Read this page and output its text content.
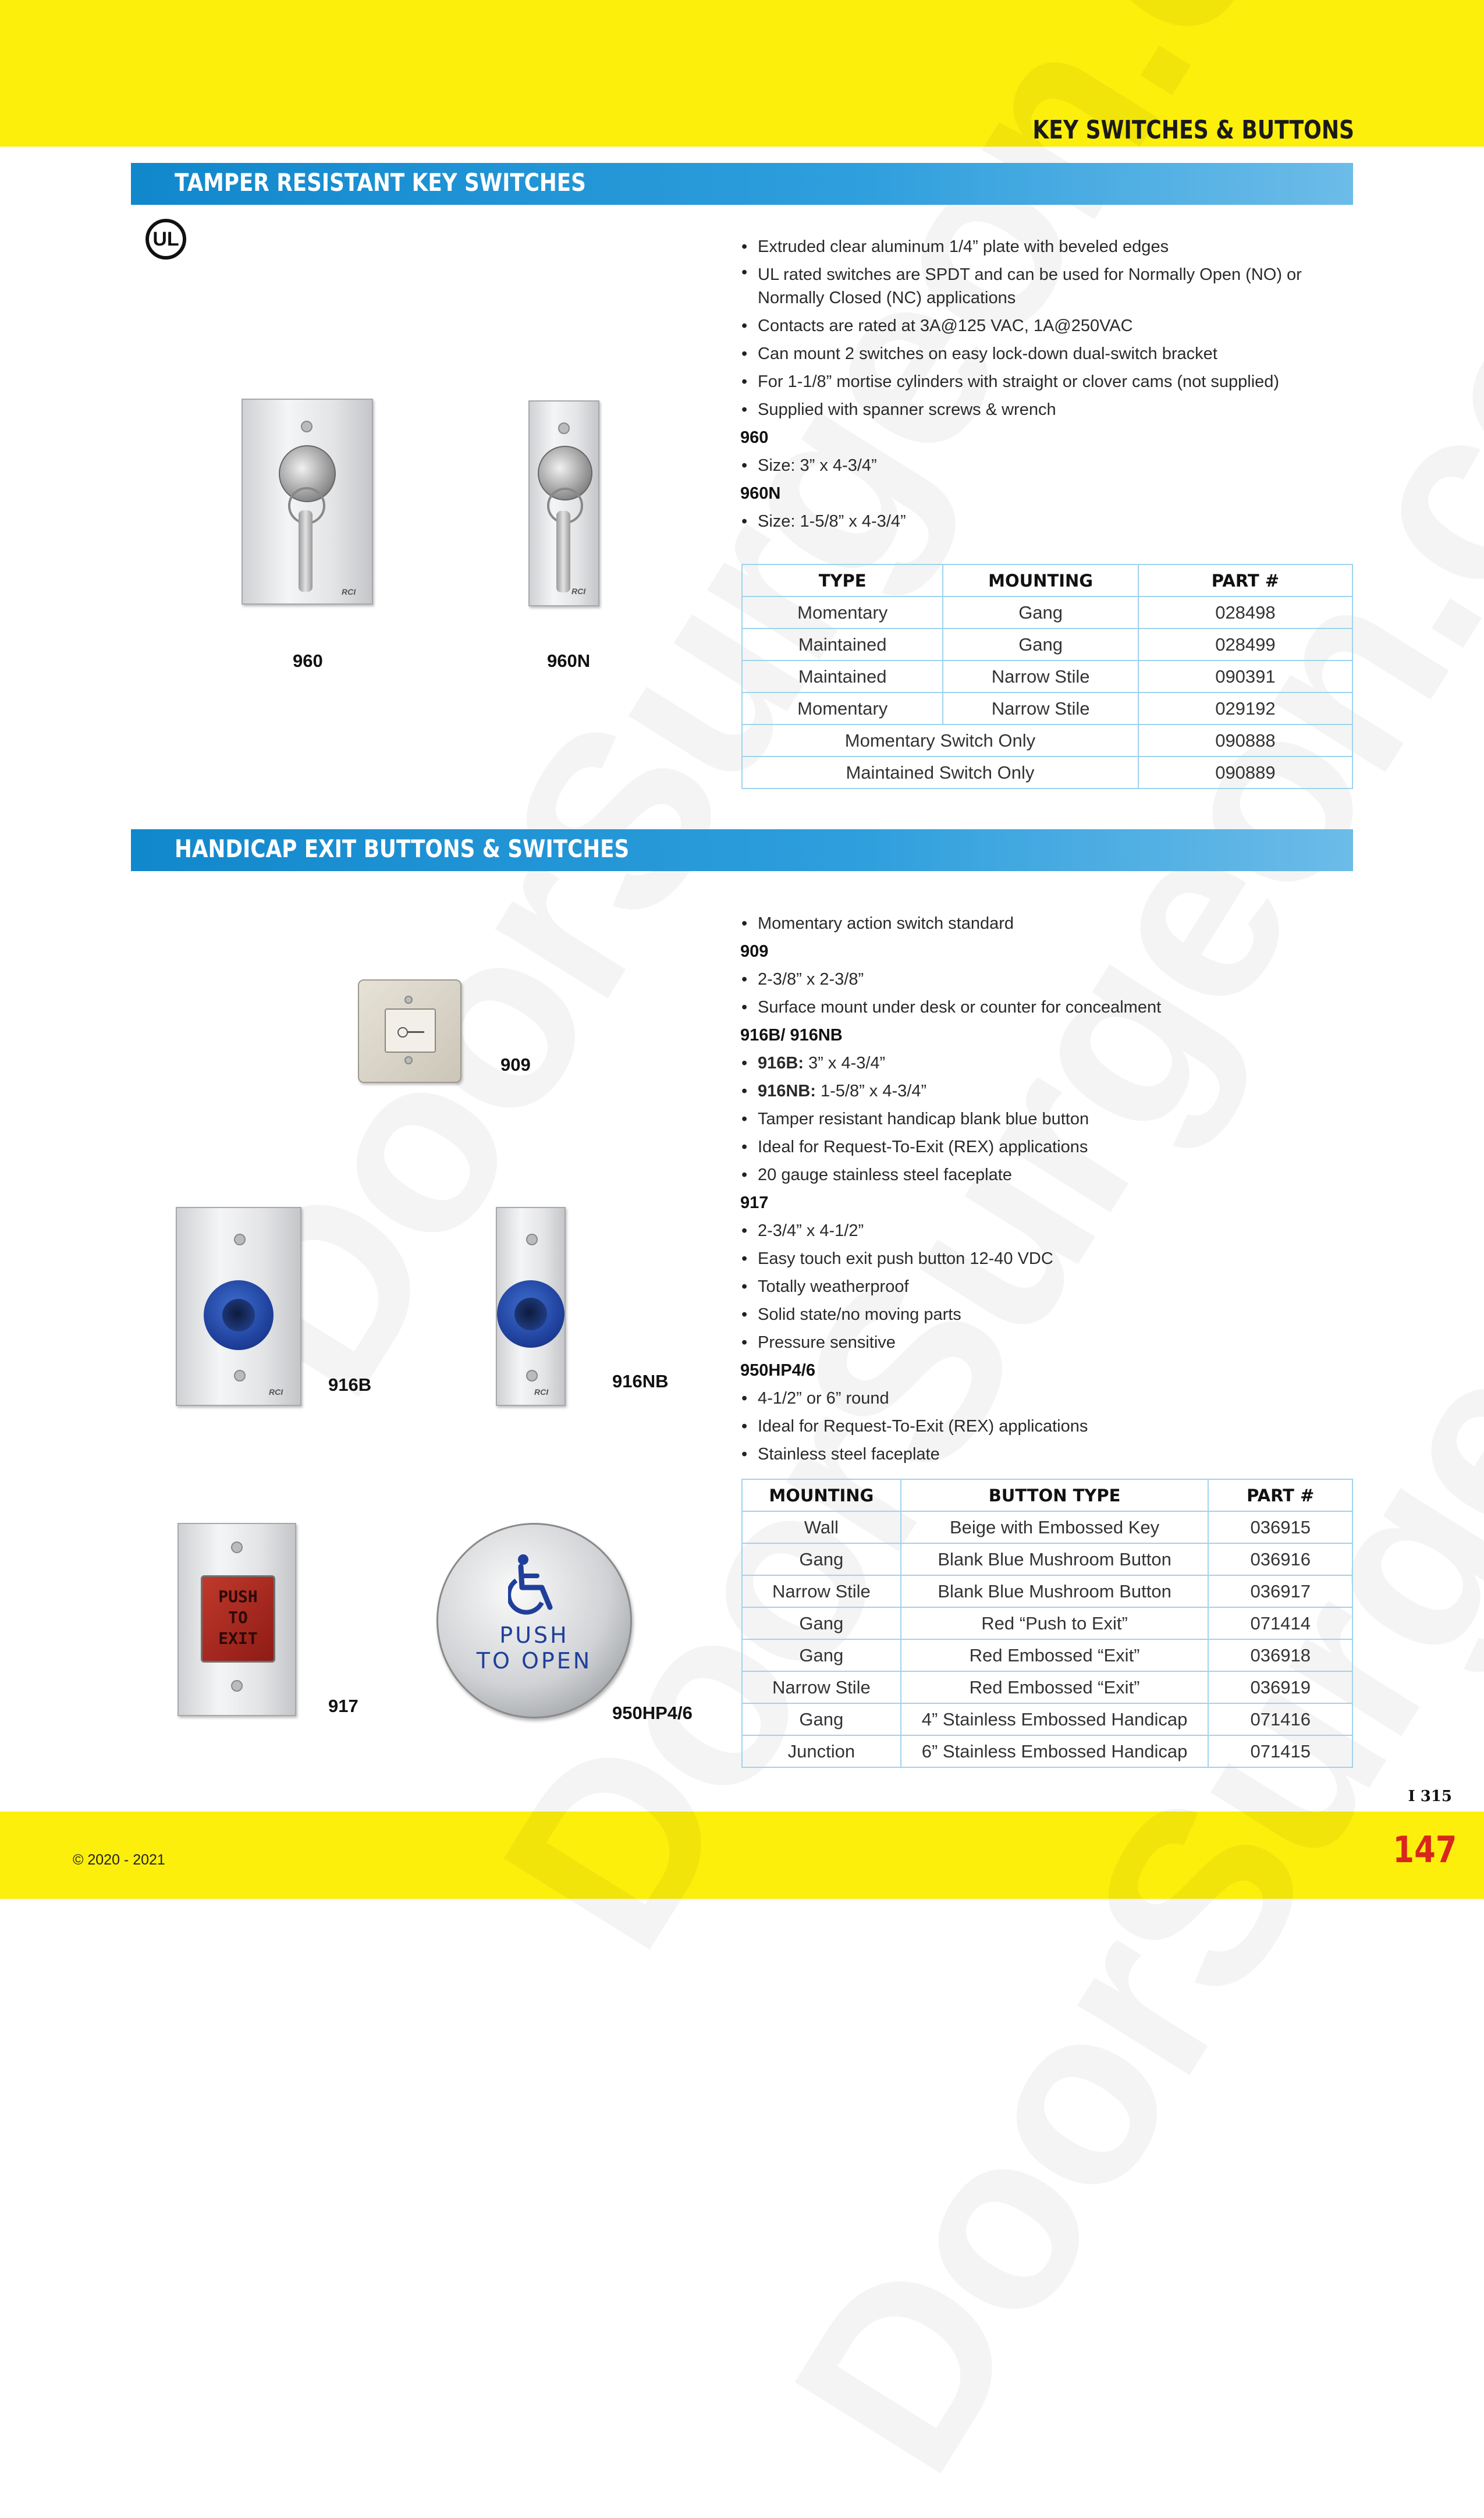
KEY SWITCHES & BUTTONS
TAMPER RESISTANT KEY SWITCHES
UL	• Extruded clear aluminum 1/4” plate with beveled edges
• UL rated switches are SPDT and can be used for Normally Open (NO) or Normally Closed (NC) applications
• Contacts are rated at 3A@125 VAC, 1A@250VAC
• Can mount 2 switches on easy lock-down dual-switch bracket
• For 1-1/8” mortise cylinders with straight or clover cams (not supplied)
• Supplied with spanner screws & wrench
960
• Size: 3” x 4-3/4”
960N
• Size: 1-5/8” x 4-3/4”
RCI
960
RCI
960N
TYPE	MOUNTING	PART #
Momentary	Gang	028498
Maintained	Gang	028499
Maintained	Narrow Stile	090391
Momentary	Narrow Stile	029192
Momentary Switch Only		090888
Maintained Switch Only		090889
HANDICAP EXIT BUTTONS & SWITCHES
• Momentary action switch standard
909
• 2-3/8” x 2-3/8”
• Surface mount under desk or counter for concealment
916B/ 916NB
• 916B: 3” x 4-3/4”
• 916NB: 1-5/8” x 4-3/4”
• Tamper resistant handicap blank blue button
• Ideal for Request-To-Exit (REX) applications
• 20 gauge stainless steel faceplate
917
• 2-3/4” x 4-1/2”
• Easy touch exit push button 12-40 VDC
• Totally weatherproof
• Solid state/no moving parts
• Pressure sensitive
950HP4/6
• 4-1/2” or 6” round
• Ideal for Request-To-Exit (REX) applications
• Stainless steel faceplate
909
RCI	916B	RCI
916NB
PUSH
TO
EXIT
917
PUSH
TO OPEN
950HP4/6
MOUNTING	BUTTON TYPE	PART #
Wall	Beige with Embossed Key	036915
Gang	Blank Blue Mushroom Button	036916
Narrow Stile	Blank Blue Mushroom Button	036917
Gang	Red “Push to Exit”	071414
Gang	Red Embossed “Exit”	036918
Narrow Stile	Red Embossed “Exit”	036919
Gang	4” Stainless Embossed Handicap	071416
Junction	6” Stainless Embossed Handicap	071415
I 315
© 2020 - 2021	147
